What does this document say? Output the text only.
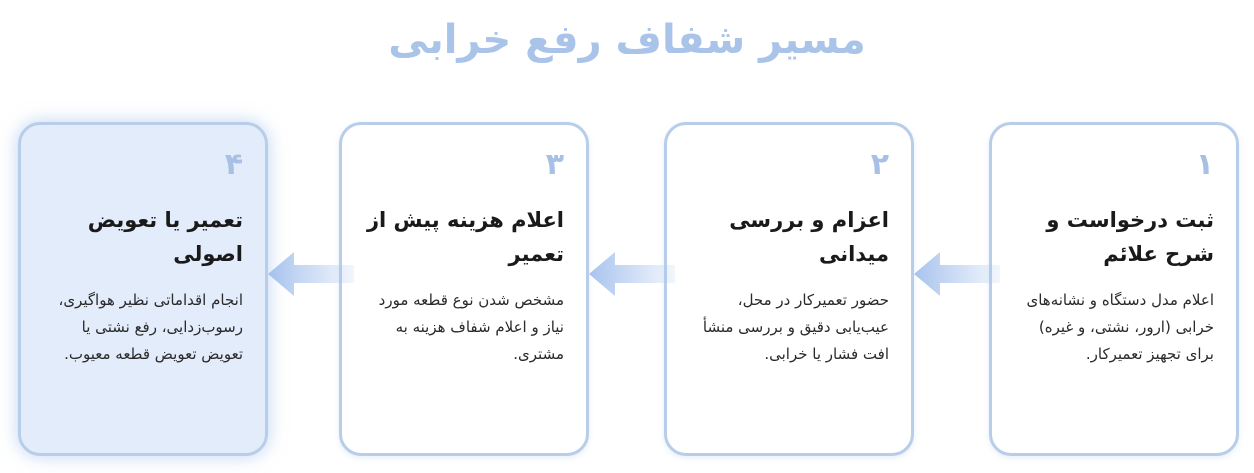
مسیر شفاف رفع خرابی
۱
ثبت درخواست و شرح علائم
اعلام مدل دستگاه و نشانه‌های خرابی (ارور، نشتی، و غیره) برای تجهیز تعمیرکار.
۲
اعزام و بررسی میدانی
حضور تعمیرکار در محل، عیب‌یابی دقیق و بررسی منشأ افت فشار یا خرابی.
۳
اعلام هزینه پیش از تعمیر
مشخص شدن نوع قطعه مورد نیاز و اعلام شفاف هزینه به مشتری.
۴
تعمیر یا تعویض اصولی
انجام اقداماتی نظیر هواگیری، رسوب‌زدایی، رفع نشتی یا تعویض تعویض قطعه معیوب.
